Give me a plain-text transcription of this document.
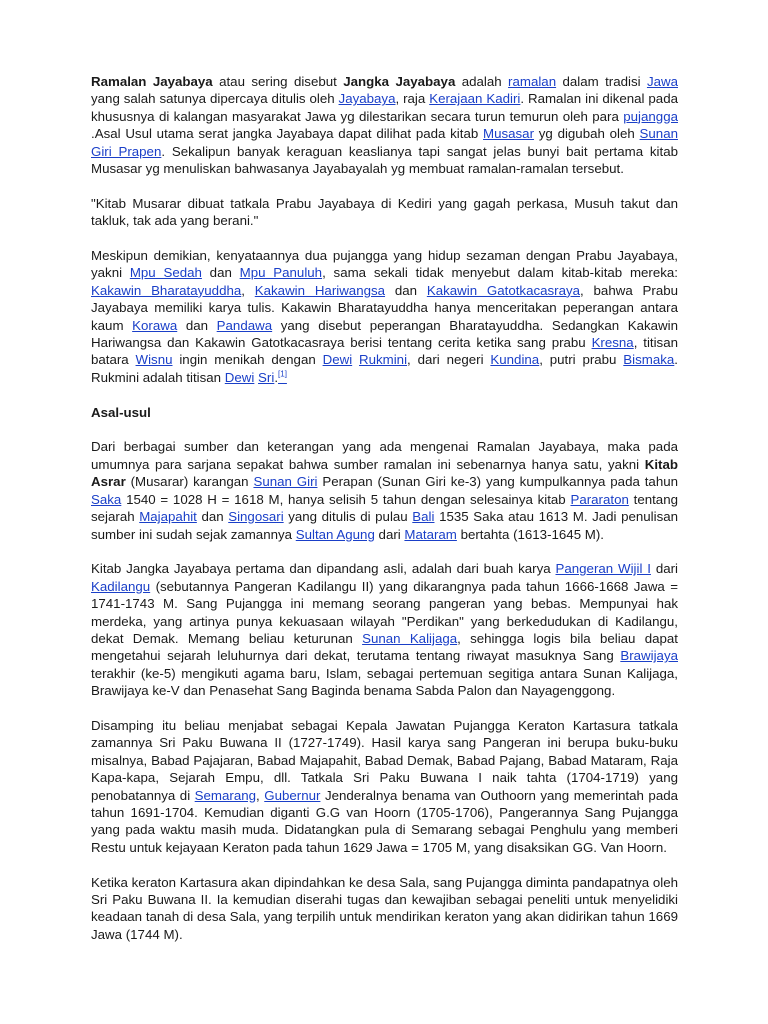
Ramalan Jayabaya atau sering disebut Jangka Jayabaya adalah ramalan dalam tradisi Jawa yang salah satunya dipercaya ditulis oleh Jayabaya, raja Kerajaan Kadiri. Ramalan ini dikenal pada khususnya di kalangan masyarakat Jawa yg dilestarikan secara turun temurun oleh para pujangga .Asal Usul utama serat jangka Jayabaya dapat dilihat pada kitab Musasar yg digubah oleh Sunan Giri Prapen. Sekalipun banyak keraguan keaslianya tapi sangat jelas bunyi bait pertama kitab Musasar yg menuliskan bahwasanya Jayabayalah yg membuat ramalan-ramalan tersebut.

"Kitab Musarar dibuat tatkala Prabu Jayabaya di Kediri yang gagah perkasa, Musuh takut dan takluk, tak ada yang berani."

Meskipun demikian, kenyataannya dua pujangga yang hidup sezaman dengan Prabu Jayabaya, yakni Mpu Sedah dan Mpu Panuluh, sama sekali tidak menyebut dalam kitab-kitab mereka: Kakawin Bharatayuddha, Kakawin Hariwangsa dan Kakawin Gatotkacasraya, bahwa Prabu Jayabaya memiliki karya tulis. Kakawin Bharatayuddha hanya menceritakan peperangan antara kaum Korawa dan Pandawa yang disebut peperangan Bharatayuddha. Sedangkan Kakawin Hariwangsa dan Kakawin Gatotkacasraya berisi tentang cerita ketika sang prabu Kresna, titisan batara Wisnu ingin menikah dengan Dewi Rukmini, dari negeri Kundina, putri prabu Bismaka. Rukmini adalah titisan Dewi Sri.[1]

Asal-usul

Dari berbagai sumber dan keterangan yang ada mengenai Ramalan Jayabaya, maka pada umumnya para sarjana sepakat bahwa sumber ramalan ini sebenarnya hanya satu, yakni Kitab Asrar (Musarar) karangan Sunan Giri Perapan (Sunan Giri ke-3) yang kumpulkannya pada tahun Saka 1540 = 1028 H = 1618 M, hanya selisih 5 tahun dengan selesainya kitab Pararaton tentang sejarah Majapahit dan Singosari yang ditulis di pulau Bali 1535 Saka atau 1613 M. Jadi penulisan sumber ini sudah sejak zamannya Sultan Agung dari Mataram bertahta (1613-1645 M).

Kitab Jangka Jayabaya pertama dan dipandang asli, adalah dari buah karya Pangeran Wijil I dari Kadilangu (sebutannya Pangeran Kadilangu II) yang dikarangnya pada tahun 1666-1668 Jawa = 1741-1743 M. Sang Pujangga ini memang seorang pangeran yang bebas. Mempunyai hak merdeka, yang artinya punya kekuasaan wilayah "Perdikan" yang berkedudukan di Kadilangu, dekat Demak. Memang beliau keturunan Sunan Kalijaga, sehingga logis bila beliau dapat mengetahui sejarah leluhurnya dari dekat, terutama tentang riwayat masuknya Sang Brawijaya terakhir (ke-5) mengikuti agama baru, Islam, sebagai pertemuan segitiga antara Sunan Kalijaga, Brawijaya ke-V dan Penasehat Sang Baginda benama Sabda Palon dan Nayagenggong.

Disamping itu beliau menjabat sebagai Kepala Jawatan Pujangga Keraton Kartasura tatkala zamannya Sri Paku Buwana II (1727-1749). Hasil karya sang Pangeran ini berupa buku-buku misalnya, Babad Pajajaran, Babad Majapahit, Babad Demak, Babad Pajang, Babad Mataram, Raja Kapa-kapa, Sejarah Empu, dll. Tatkala Sri Paku Buwana I naik tahta (1704-1719) yang penobatannya di Semarang, Gubernur Jenderalnya benama van Outhoorn yang memerintah pada tahun 1691-1704. Kemudian diganti G.G van Hoorn (1705-1706), Pangerannya Sang Pujangga yang pada waktu masih muda. Didatangkan pula di Semarang sebagai Penghulu yang memberi Restu untuk kejayaan Keraton pada tahun 1629 Jawa = 1705 M, yang disaksikan GG. Van Hoorn.

Ketika keraton Kartasura akan dipindahkan ke desa Sala, sang Pujangga diminta pandapatnya oleh Sri Paku Buwana II. Ia kemudian diserahi tugas dan kewajiban sebagai peneliti untuk menyelidiki keadaan tanah di desa Sala, yang terpilih untuk mendirikan keraton yang akan didirikan tahun 1669 Jawa (1744 M).
